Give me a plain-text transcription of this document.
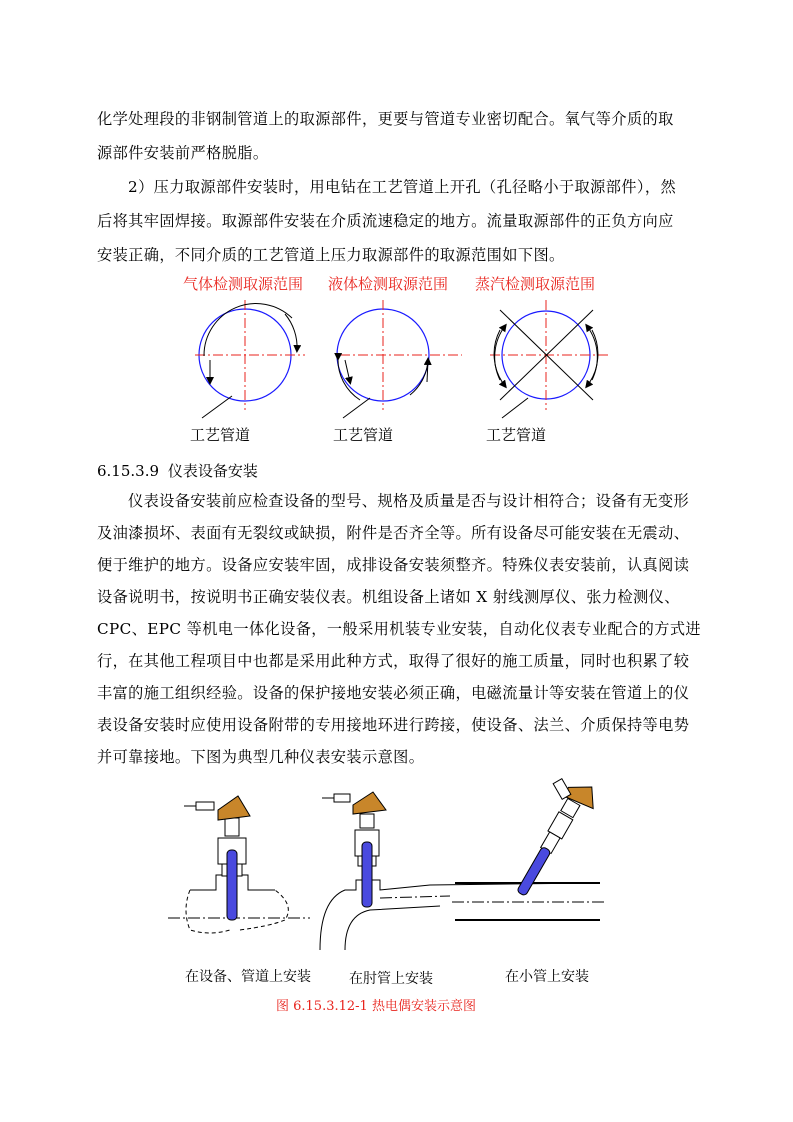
化学处理段的非钢制管道上的取源部件，更要与管道专业密切配合。氧气等介质的取
源部件安装前严格脱脂。
2）压力取源部件安装时，用电钻在工艺管道上开孔（孔径略小于取源部件），然
后将其牢固焊接。取源部件安装在介质流速稳定的地方。流量取源部件的正负方向应
安装正确，不同介质的工艺管道上压力取源部件的取源范围如下图。
气体检测取源范围 液体检测取源范围 蒸汽检测取源范围
工艺管道	工艺管道	工艺管道
6.15.3.9 仪表设备安装
仪表设备安装前应检查设备的型号、规格及质量是否与设计相符合；设备有无变形
及油漆损坏、表面有无裂纹或缺损，附件是否齐全等。所有设备尽可能安装在无震动、
便于维护的地方。设备应安装牢固，成排设备安装须整齐。特殊仪表安装前，认真阅读
设备说明书，按说明书正确安装仪表。机组设备上诸如 X 射线测厚仪、张力检测仪、
CPC、EPC 等机电一体化设备，一般采用机装专业安装，自动化仪表专业配合的方式进
行，在其他工程项目中也都是采用此种方式，取得了很好的施工质量，同时也积累了较
丰富的施工组织经验。设备的保护接地安装必须正确，电磁流量计等安装在管道上的仪
表设备安装时应使用设备附带的专用接地环进行跨接，使设备、法兰、介质保持等电势
并可靠接地。下图为典型几种仪表安装示意图。
在设备、管道上安装	在肘管上安装	在小管上安装
图 6.15.3.12-1 热电偶安装示意图
